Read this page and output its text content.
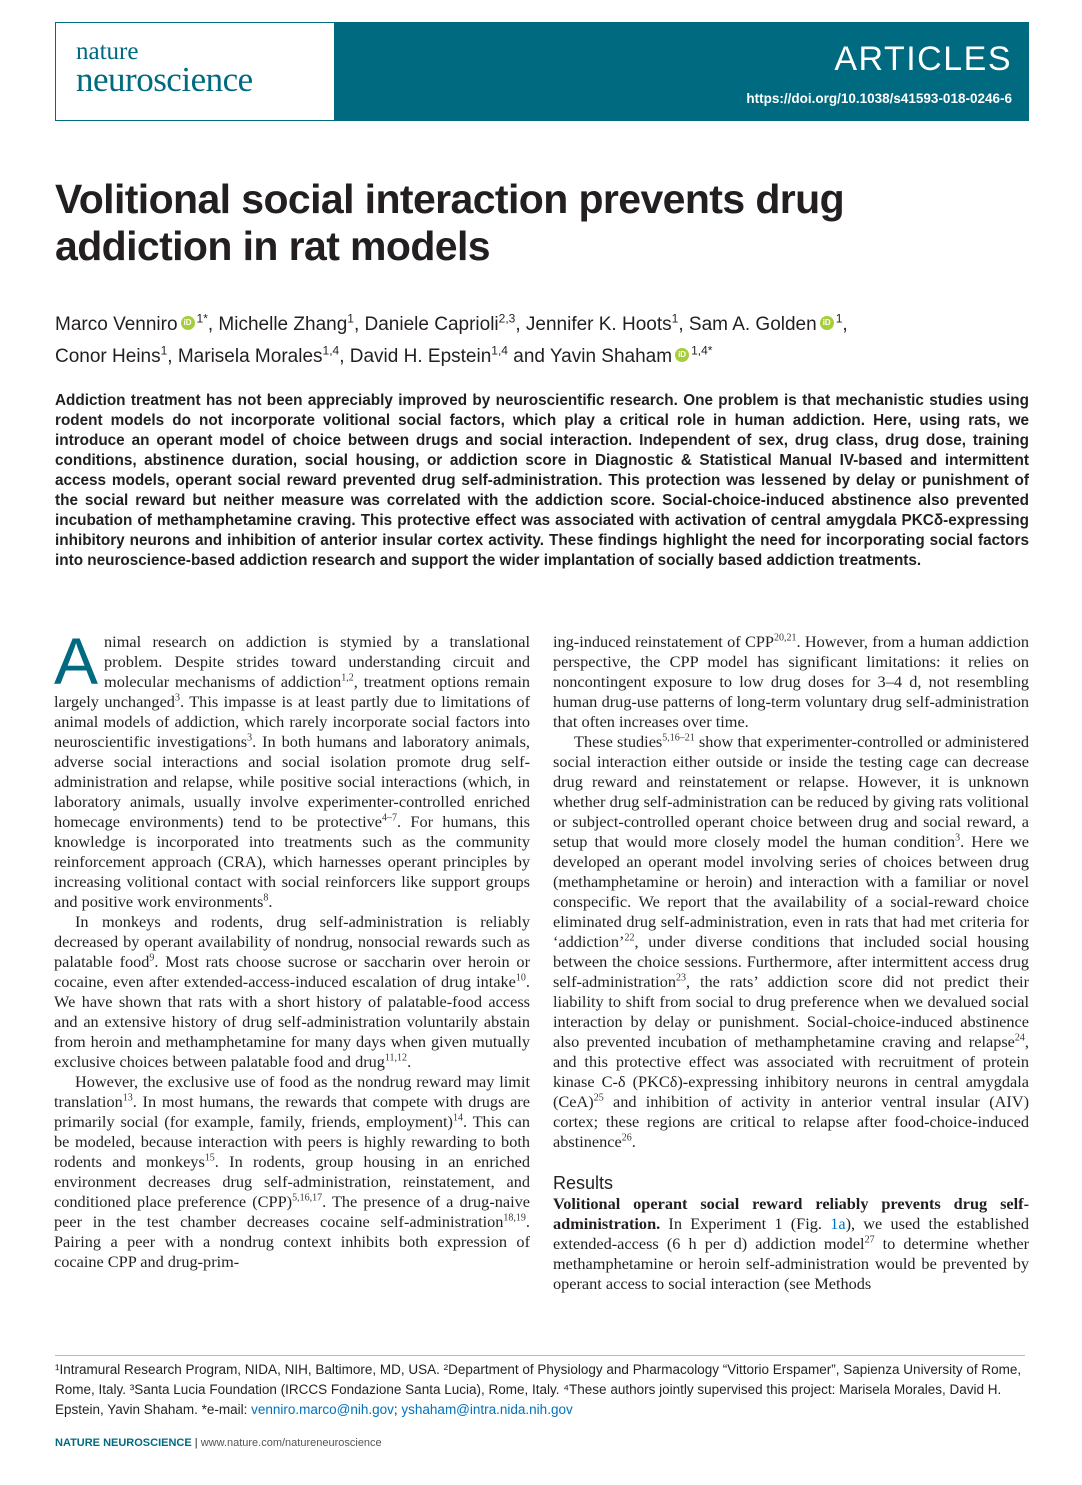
nature
neuroscience
ARTICLES
https://doi.org/10.1038/s41593-018-0246-6
Volitional social interaction prevents drug addiction in rat models
Marco Venniro iD $^{1*}$, Michelle Zhang$^1$, Daniele Caprioli$^{2,3}$, Jennifer K. Hoots$^1$, Sam A. Golden iD $^1$,
Conor Heins$^1$, Marisela Morales$^{1,4}$, David H. Epstein$^{1,4}$ and Yavin Shaham iD $^{1,4*}$

Addiction treatment has not been appreciably improved by neuroscientific research. One problem is that mechanistic studies using rodent models do not incorporate volitional social factors, which play a critical role in human addiction. Here, using rats, we introduce an operant model of choice between drugs and social interaction. Independent of sex, drug class, drug dose, training conditions, abstinence duration, social housing, or addiction score in Diagnostic & Statistical Manual IV-based and intermittent access models, operant social reward prevented drug self-administration. This protection was lessened by delay or punishment of the social reward but neither measure was correlated with the addiction score. Social-choice-induced abstinence also prevented incubation of methamphetamine craving. This protective effect was associated with activation of central amygdala PKCδ-expressing inhibitory neurons and inhibition of anterior insular cortex activity. These findings highlight the need for incorporating social factors into neuroscience-based addiction research and support the wider implantation of socially based addiction treatments.

Animal research on addiction is stymied by a translational problem. Despite strides toward understanding circuit and molecular mechanisms of addiction$^{1,2}$, treatment options remain largely unchanged$^3$. This impasse is at least partly due to limitations of animal models of addiction, which rarely incorporate social factors into neuroscientific investigations$^3$. In both humans and laboratory animals, adverse social interactions and social isolation promote drug self-administration and relapse, while positive social interactions (which, in laboratory animals, usually involve experimenter-controlled enriched homecage environments) tend to be protective$^{4-7}$. For humans, this knowledge is incorporated into treatments such as the community reinforcement approach (CRA), which harnesses operant principles by increasing volitional contact with social reinforcers like support groups and positive work environments$^8$.

In monkeys and rodents, drug self-administration is reliably decreased by operant availability of nondrug, nonsocial rewards such as palatable food$^9$. Most rats choose sucrose or saccharin over heroin or cocaine, even after extended-access-induced escalation of drug intake$^{10}$. We have shown that rats with a short history of palatable-food access and an extensive history of drug self-administration voluntarily abstain from heroin and methamphetamine for many days when given mutually exclusive choices between palatable food and drug$^{11,12}$.

However, the exclusive use of food as the nondrug reward may limit translation$^{13}$. In most humans, the rewards that compete with drugs are primarily social (for example, family, friends, employment)$^{14}$. This can be modeled, because interaction with peers is highly rewarding to both rodents and monkeys$^{15}$. In rodents, group housing in an enriched environment decreases drug self-administration, reinstatement, and conditioned place preference (CPP)$^{5,16,17}$. The presence of a drug-naive peer in the test chamber decreases cocaine self-administration$^{18,19}$. Pairing a peer with a nondrug context inhibits both expression of cocaine CPP and drug-prim-

ing-induced reinstatement of CPP$^{20,21}$. However, from a human addiction perspective, the CPP model has significant limitations: it relies on noncontingent exposure to low drug doses for 3–4 d, not resembling human drug-use patterns of long-term voluntary drug self-administration that often increases over time.

These studies$^{5,16-21}$ show that experimenter-controlled or administered social interaction either outside or inside the testing cage can decrease drug reward and reinstatement or relapse. However, it is unknown whether drug self-administration can be reduced by giving rats volitional or subject-controlled operant choice between drug and social reward, a setup that would more closely model the human condition$^3$. Here we developed an operant model involving series of choices between drug (methamphetamine or heroin) and interaction with a familiar or novel conspecific. We report that the availability of a social-reward choice eliminated drug self-administration, even in rats that had met criteria for ‘addiction’$^{22}$, under diverse conditions that included social housing between the choice sessions. Furthermore, after intermittent access drug self-administration$^{23}$, the rats’ addiction score did not predict their liability to shift from social to drug preference when we devalued social interaction by delay or punishment. Social-choice-induced abstinence also prevented incubation of methamphetamine craving and relapse$^{24}$, and this protective effect was associated with recruitment of protein kinase C-δ (PKCδ)-expressing inhibitory neurons in central amygdala (CeA)$^{25}$ and inhibition of activity in anterior ventral insular (AIV) cortex; these regions are critical to relapse after food-choice-induced abstinence$^{26}$.

Results

Volitional operant social reward reliably prevents drug self-administration. In Experiment 1 (Fig. 1a), we used the established extended-access (6 h per d) addiction model$^{27}$ to determine whether methamphetamine or heroin self-administration would be prevented by operant access to social interaction (see Methods

¹Intramural Research Program, NIDA, NIH, Baltimore, MD, USA. ²Department of Physiology and Pharmacology “Vittorio Erspamer”, Sapienza University of Rome, Rome, Italy. ³Santa Lucia Foundation (IRCCS Fondazione Santa Lucia), Rome, Italy. ⁴These authors jointly supervised this project: Marisela Morales, David H. Epstein, Yavin Shaham. *e-mail: venniro.marco@nih.gov; yshaham@intra.nida.nih.gov
NATURE NEUROSCIENCE | www.nature.com/natureneuroscience
